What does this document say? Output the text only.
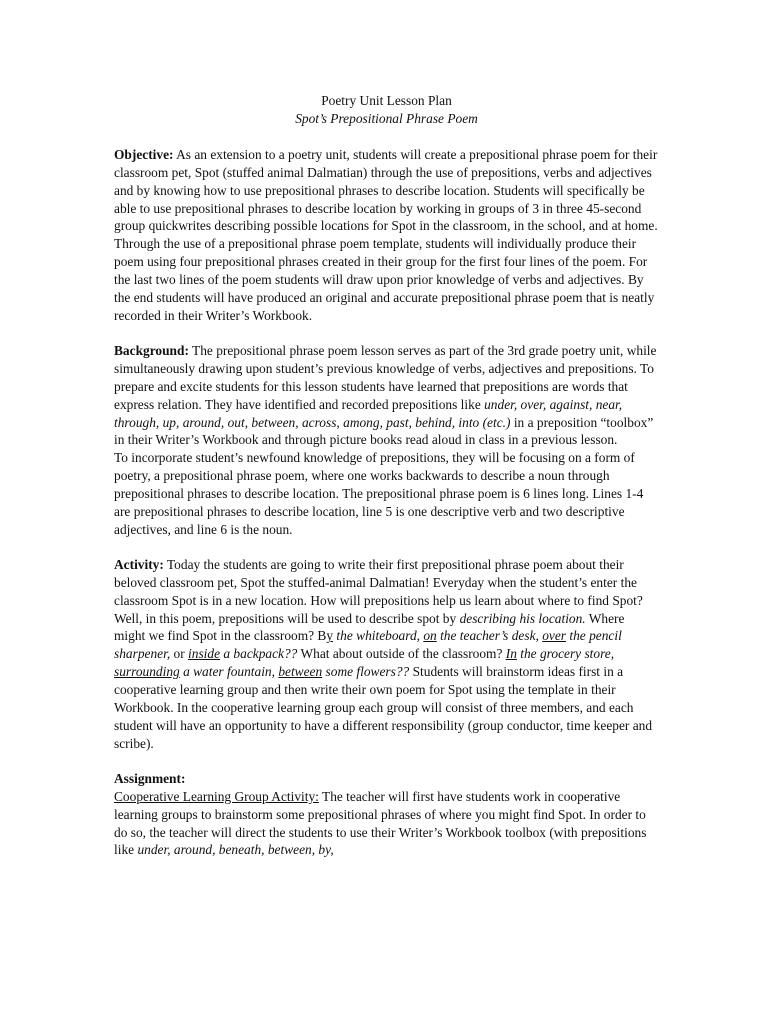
Poetry Unit Lesson Plan
Spot’s Prepositional Phrase Poem

Objective: As an extension to a poetry unit, students will create a prepositional phrase poem for their classroom pet, Spot (stuffed animal Dalmatian) through the use of prepositions, verbs and adjectives and by knowing how to use prepositional phrases to describe location. Students will specifically be able to use prepositional phrases to describe location by working in groups of 3 in three 45-second group quickwrites describing possible locations for Spot in the classroom, in the school, and at home. Through the use of a prepositional phrase poem template, students will individually produce their poem using four prepositional phrases created in their group for the first four lines of the poem. For the last two lines of the poem students will draw upon prior knowledge of verbs and adjectives. By the end students will have produced an original and accurate prepositional phrase poem that is neatly recorded in their Writer’s Workbook.

Background: The prepositional phrase poem lesson serves as part of the 3rd grade poetry unit, while simultaneously drawing upon student’s previous knowledge of verbs, adjectives and prepositions. To prepare and excite students for this lesson students have learned that prepositions are words that express relation. They have identified and recorded prepositions like under, over, against, near, through, up, around, out, between, across, among, past, behind, into (etc.) in a preposition “toolbox” in their Writer’s Workbook and through picture books read aloud in class in a previous lesson.

To incorporate student’s newfound knowledge of prepositions, they will be focusing on a form of poetry, a prepositional phrase poem, where one works backwards to describe a noun through prepositional phrases to describe location. The prepositional phrase poem is 6 lines long. Lines 1-4 are prepositional phrases to describe location, line 5 is one descriptive verb and two descriptive adjectives, and line 6 is the noun.

Activity: Today the students are going to write their first prepositional phrase poem about their beloved classroom pet, Spot the stuffed-animal Dalmatian! Everyday when the student’s enter the classroom Spot is in a new location. How will prepositions help us learn about where to find Spot? Well, in this poem, prepositions will be used to describe spot by describing his location. Where might we find Spot in the classroom? By the whiteboard, on the teacher’s desk, over the pencil sharpener, or inside a backpack?? What about outside of the classroom? In the grocery store, surrounding a water fountain, between some flowers?? Students will brainstorm ideas first in a cooperative learning group and then write their own poem for Spot using the template in their Workbook. In the cooperative learning group each group will consist of three members, and each student will have an opportunity to have a different responsibility (group conductor, time keeper and scribe).

Assignment:

Cooperative Learning Group Activity: The teacher will first have students work in cooperative learning groups to brainstorm some prepositional phrases of where you might find Spot. In order to do so, the teacher will direct the students to use their Writer’s Workbook toolbox (with prepositions like under, around, beneath, between, by,
